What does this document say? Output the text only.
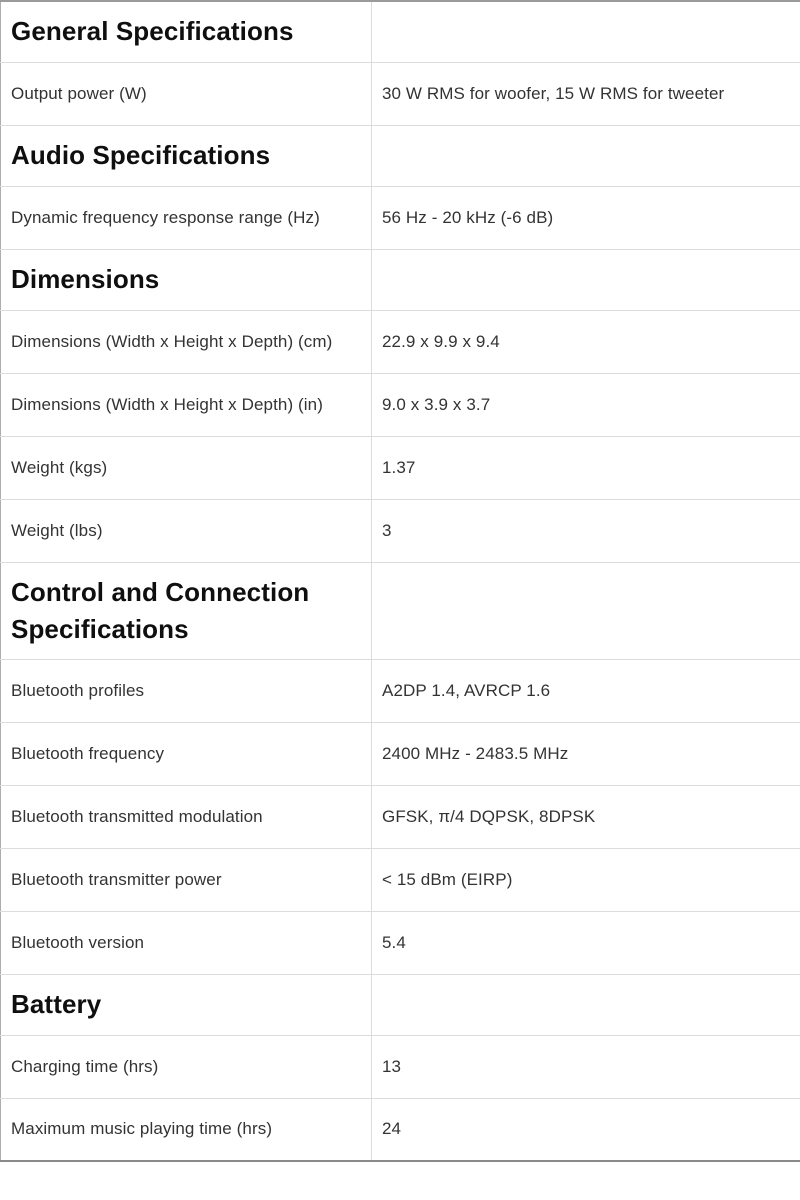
General Specifications	
Output power (W)	30 W RMS for woofer, 15 W RMS for tweeter
Audio Specifications	
Dynamic frequency response range (Hz)	56 Hz - 20 kHz (-6 dB)
Dimensions	
Dimensions (Width x Height x Depth) (cm)	22.9 x 9.9 x 9.4
Dimensions (Width x Height x Depth) (in)	9.0 x 3.9 x 3.7
Weight (kgs)	1.37
Weight (lbs)	3
Control and Connection Specifications	
Bluetooth profiles	A2DP 1.4, AVRCP 1.6
Bluetooth frequency	2400 MHz - 2483.5 MHz
Bluetooth transmitted modulation	GFSK, π/4 DQPSK, 8DPSK
Bluetooth transmitter power	< 15 dBm (EIRP)
Bluetooth version	5.4
Battery	
Charging time (hrs)	13
Maximum music playing time (hrs)	24
